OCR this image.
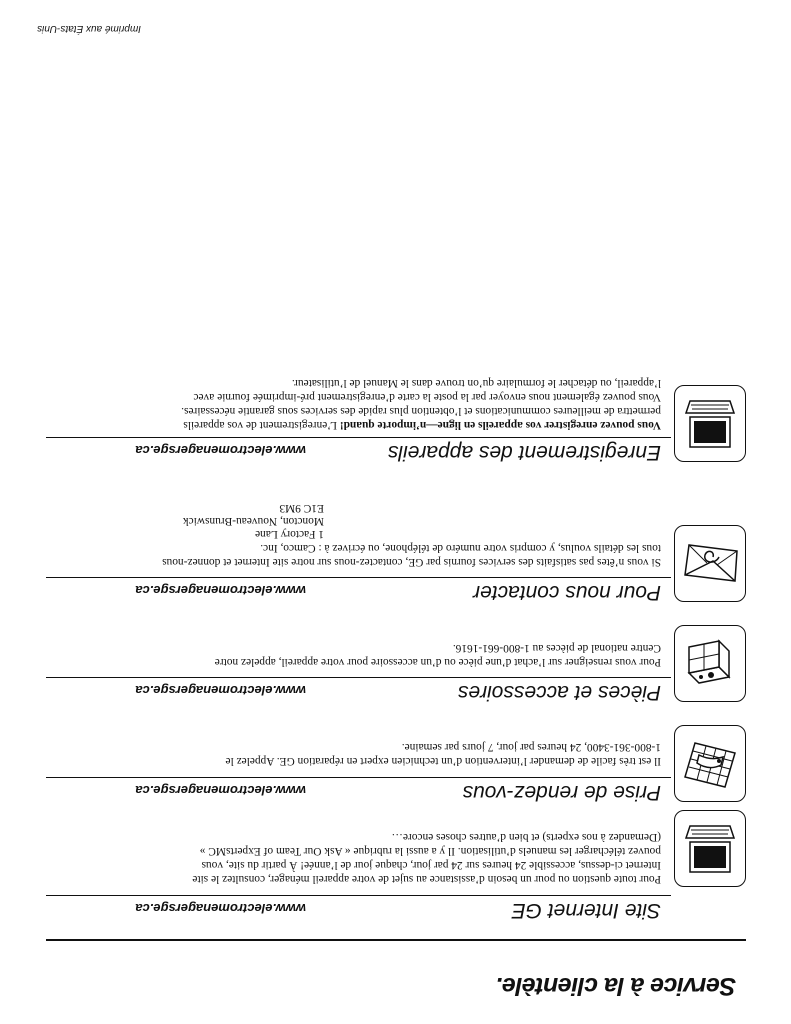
Imprimé aux États-Unis
Service à la clientèle.
Site Internet GE
www.electromenagersge.ca

Pour toute question ou pour un besoin d’assistance au sujet de votre appareil ménager, consultez le site

Internet ci-dessus, accessible 24 heures sur 24 par jour, chaque jour de l’année! À partir du site, vous

pouvez télécharger les manuels d’utilisation. Il y a aussi la rubrique « Ask Our Team of ExpertsMC »

(Demandez à nos experts) et bien d’autres choses encore…

Prise de rendez-vous
www.electromenagersge.ca

Il est très facile de demander l’intervention d’un technicien expert en réparation GE. Appelez le

1-800-361-3400, 24 heures par jour, 7 jours par semaine.

Pièces et accessoires
www.electromenagersge.ca

Pour vous renseigner sur l’achat d’une pièce ou d’un accessoire pour votre appareil, appelez notre

Centre national de pièces au 1-800-661-1616.

Pour nous contacter
www.electromenagersge.ca

Si vous n’êtes pas satisfaits des services fournis par GE, contactez-nous sur notre site Internet et donnez-nous

tous les détails voulus, y compris votre numéro de téléphone, ou écrivez à : Camco, Inc.

1 Factory Lane

Moncton, Nouveau-Brunswick

E1C 9M3

Enregistrement des appareils
www.electromenagersge.ca

Vous pouvez enregistrer vos appareils en ligne—n’importe quand! L’enregistrement de vos appareils

permettra de meilleures communications et l’obtention plus rapide des services sous garantie nécessaires.

Vous pouvez également nous envoyer par la poste la carte d’enregistrement pré-imprimée fournie avec

l’appareil, ou détacher le formulaire qu’on trouve dans le Manuel de l’utilisateur.
